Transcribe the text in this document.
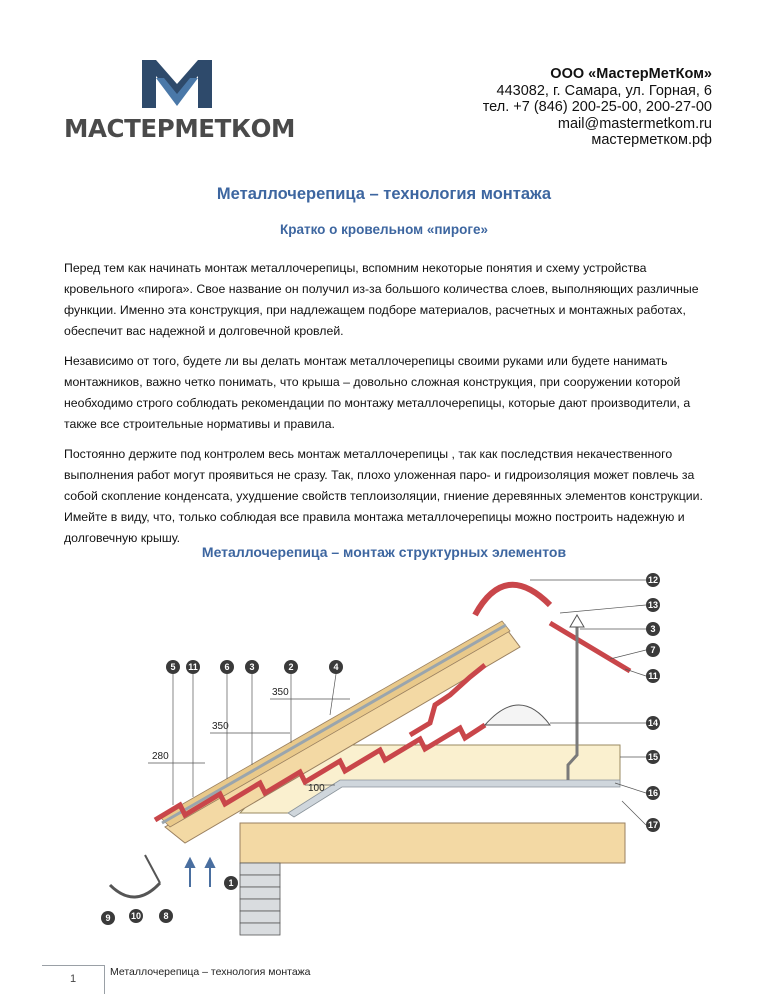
МАСТЕРМЕТКОМ
ООО «МастерМетКом»
443082, г. Самара, ул. Горная, 6
тел. +7 (846) 200-25-00, 200-27-00
mail@mastermetkom.ru
мастерметком.рф
Металлочерепица – технология монтажа
Кратко о кровельном «пироге»

Перед тем как начинать монтаж металлочерепицы, вспомним некоторые понятия и схему устройства кровельного «пирога». Свое название он получил из-за большого количества слоев, выполняющих различные функции. Именно эта конструкция, при надлежащем подборе материалов, расчетных и монтажных работах, обеспечит вас надежной и долговечной кровлей.

Независимо от того, будете ли вы делать монтаж металлочерепицы своими руками или будете нанимать монтажников, важно четко понимать, что крыша – довольно сложная конструкция, при сооружении которой необходимо строго соблюдать рекомендации по монтажу металлочерепицы, которые дают производители, а также все строительные нормативы и правила.

Постоянно держите под контролем весь монтаж металлочерепицы , так как последствия некачественного выполнения работ могут проявиться не сразу. Так, плохо уложенная паро- и гидроизоляция может повлечь за собой скопление конденсата, ухудшение свойств теплоизоляции, гниение деревянных элементов конструкции. Имейте в виду, что, только соблюдая все правила монтажа металлочерепицы можно построить надежную и долговечную крышу.

Металлочерепица – монтаж структурных элементов
350
350
280
100
5 11	6 3	2	4
12
13
3
7
11
14
15
16
17
9 10 8
1
1
Металлочерепица – технология монтажа
